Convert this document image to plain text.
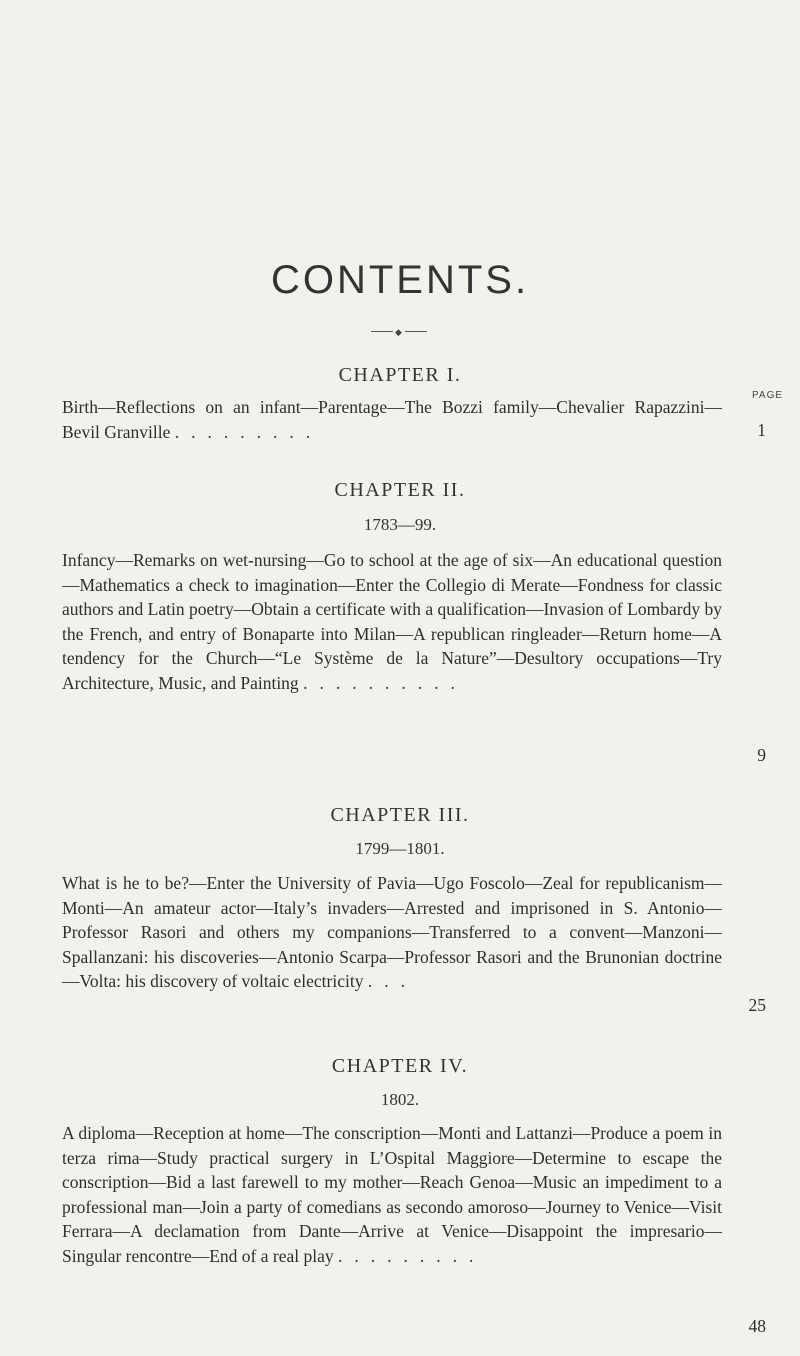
CONTENTS.
◆
CHAPTER I.
PAGE
Birth—Reflections on an infant—Parentage—The Bozzi family—Chevalier Rapazzini—Bevil Granville .........	1
CHAPTER II.
1783—99.
Infancy—Remarks on wet-nursing—Go to school at the age of six—An educational question—Mathematics a check to imagination—Enter the Collegio di Merate—Fondness for classic authors and Latin poetry—Obtain a certificate with a qualification—Invasion of Lombardy by the French, and entry of Bonaparte into Milan—A republican ringleader—Return home—A tendency for the Church—“Le Système de la Nature”—Desultory occupations—Try Architecture, Music, and Painting ..........
9
CHAPTER III.
1799—1801.
What is he to be?—Enter the University of Pavia—Ugo Foscolo—Zeal for republicanism—Monti—An amateur actor—Italy’s invaders—Arrested and imprisoned in S. Antonio—Professor Rasori and others my companions—Transferred to a convent—Manzoni—Spallanzani: his discoveries—Antonio Scarpa—Professor Rasori and the Brunonian doctrine—Volta: his discovery of voltaic electricity ...
25
CHAPTER IV.
1802.
A diploma—Reception at home—The conscription—Monti and Lattanzi—Produce a poem in terza rima—Study practical surgery in L’Ospital Maggiore—Determine to escape the conscription—Bid a last farewell to my mother—Reach Genoa—Music an impediment to a professional man—Join a party of comedians as secondo amoroso—Journey to Venice—Visit Ferrara—A declamation from Dante—Arrive at Venice—Disappoint the impresario—Singular rencontre—End of a real play .........
48
